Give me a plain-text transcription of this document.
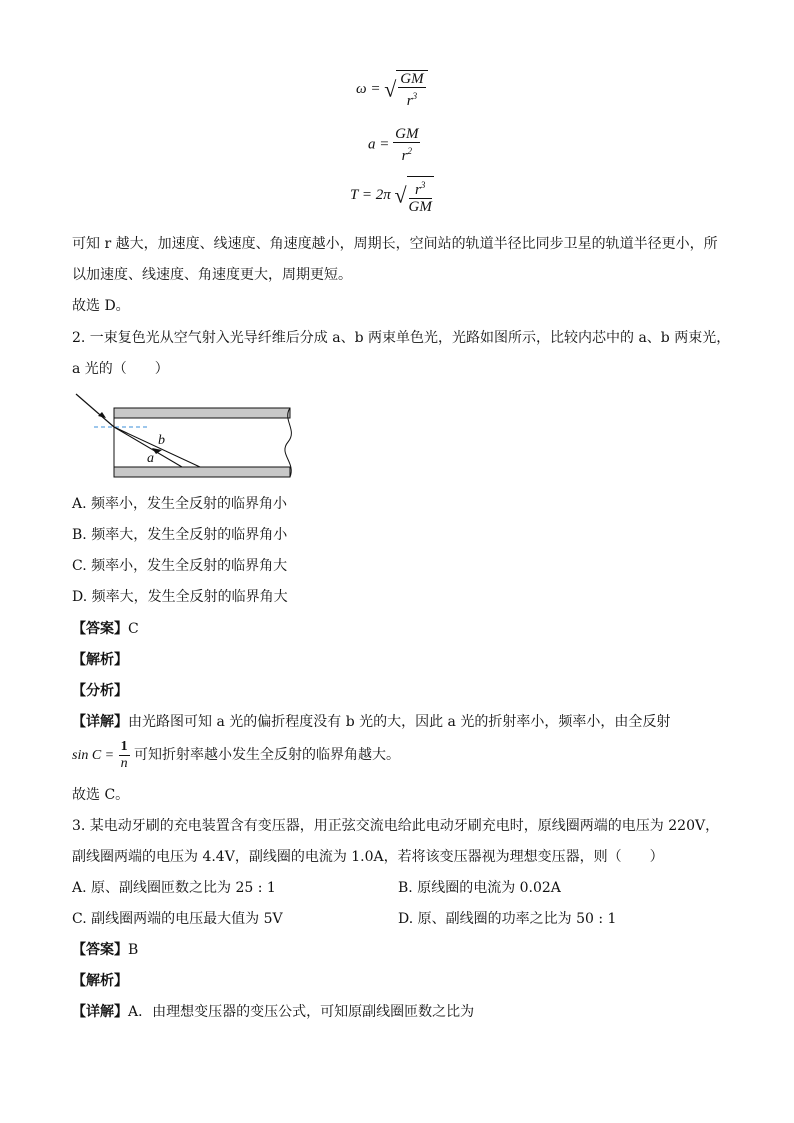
ω = √ $\frac{GM}{r^3}$
$a = \frac{GM}{r^2}$
T = 2π √ $\frac{r^3}{GM}$
可知 r 越大，加速度、线速度、角速度越小，周期长，空间站的轨道半径比同步卫星的轨道半径更小，所
以加速度、线速度、角速度更大，周期更短。
故选 D。
2. 一束复色光从空气射入光导纤维后分成 a、b 两束单色光，光路如图所示，比较内芯中的 a、b 两束光，
a 光的（　　）
b
a
A. 频率小，发生全反射的临界角小
B. 频率大，发生全反射的临界角小
C. 频率小，发生全反射的临界角大
D. 频率大，发生全反射的临界角大
【答案】C
【解析】
【分析】
【详解】由光路图可知 a 光的偏折程度没有 b 光的大，因此 a 光的折射率小，频率小，由全反射
$\sin C = \frac{1}{n}$ 可知折射率越小发生全反射的临界角越大。
故选 C。
3. 某电动牙刷的充电装置含有变压器，用正弦交流电给此电动牙刷充电时，原线圈两端的电压为 220V，
副线圈两端的电压为 4.4V，副线圈的电流为 1.0A，若将该变压器视为理想变压器，则（　　）
A. 原、副线圈匝数之比为 25 : 1	B. 原线圈的电流为 0.02A
C. 副线圈两端的电压最大值为 5V	D. 原、副线圈的功率之比为 50 : 1
【答案】B
【解析】
【详解】A．由理想变压器的变压公式，可知原副线圈匝数之比为
